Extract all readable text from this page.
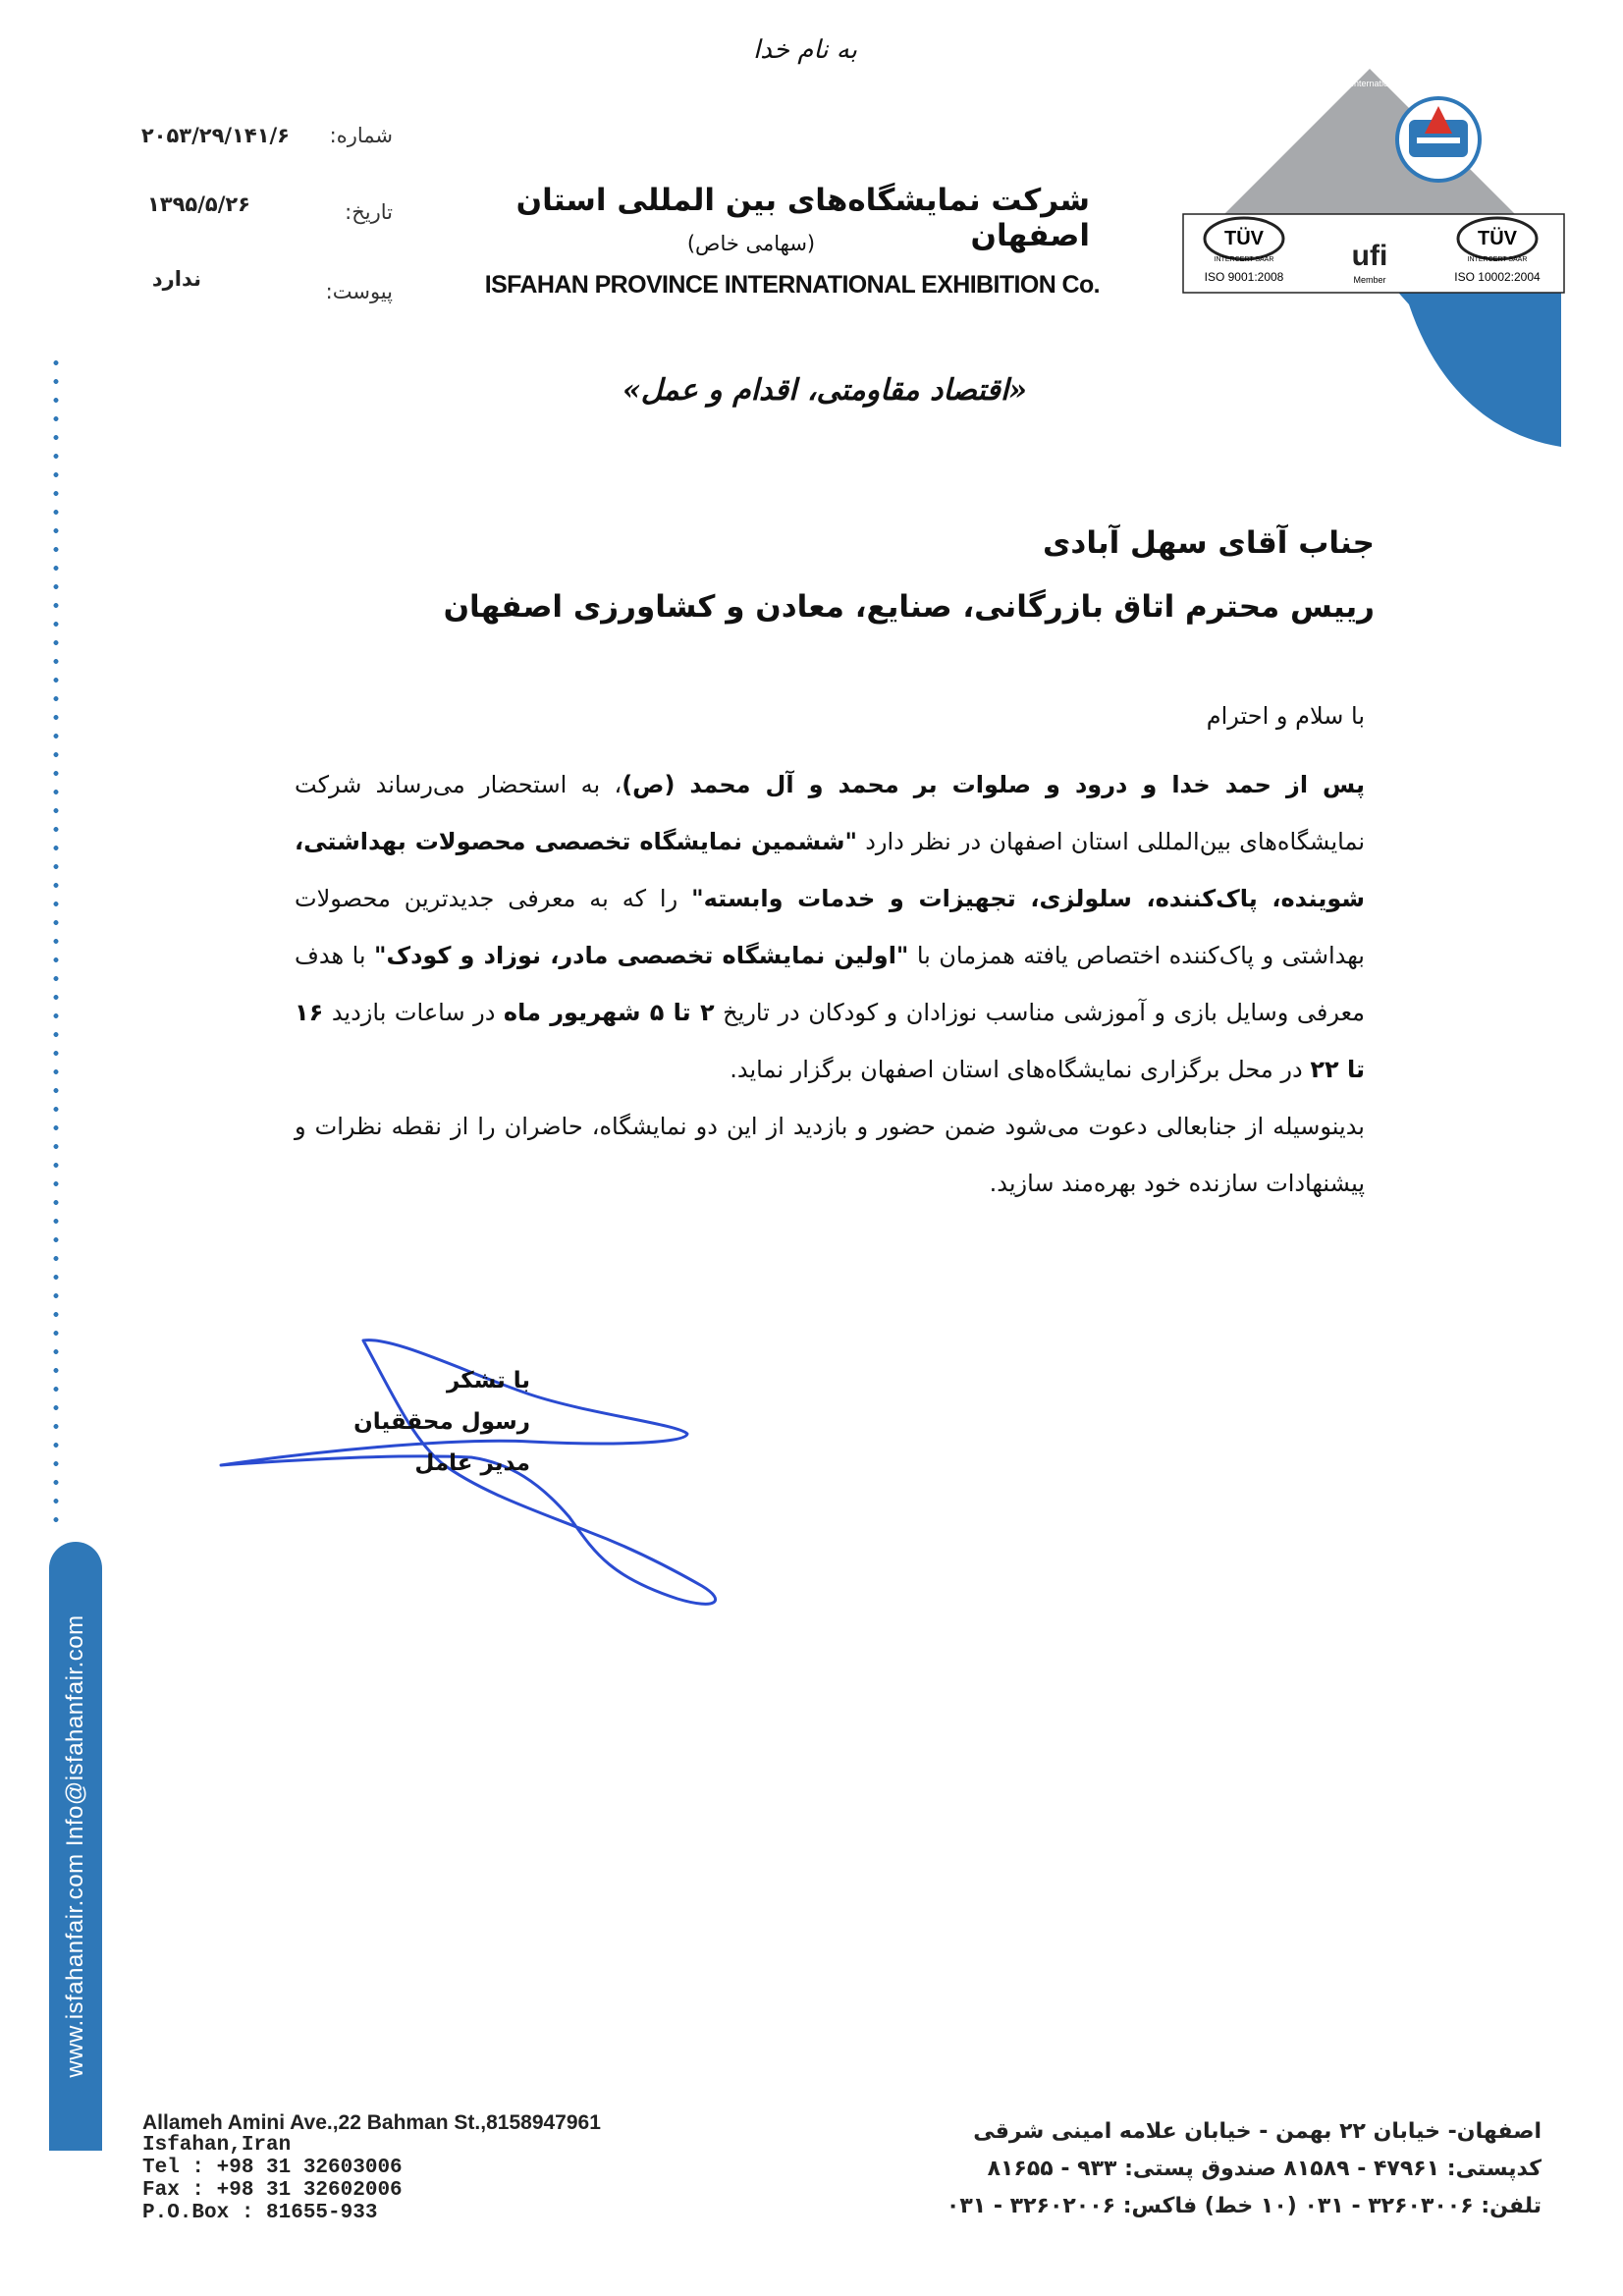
www.isfahanfair.com Info@isfahanfair.com
به نام خدا
شماره:
۲۰۵۳/۲۹/۱۴۱/۶
تاریخ:
۱۳۹۵/۵/۲۶
پیوست:
ندارد
شرکت نمایشگاه‌های بین المللی استان اصفهان
(سهامی خاص)
ISFAHAN PROVINCE INTERNATIONAL EXHIBITION Co.
International Exhibition Co. Isfahan Province
TÜV
INTERCERT SAAR
ISO 9001:2008
ufi
Member
TÜV
INTERCERT SAAR
ISO 10002:2004
«اقتصاد مقاومتی، اقدام و عمل»
جناب آقای سهل آبادی
رییس محترم اتاق بازرگانی، صنایع، معادن و کشاورزی اصفهان
با سلام و احترام

پس از حمد خدا و درود و صلوات بر محمد و آل محمد (ص)، به استحضار می‌رساند شرکت نمایشگاه‌های بین‌المللی استان اصفهان در نظر دارد "ششمین نمایشگاه تخصصی محصولات بهداشتی، شوینده، پاک‌کننده، سلولزی، تجهیزات و خدمات وابسته" را که به معرفی جدیدترین محصولات بهداشتی و پاک‌کننده اختصاص یافته همزمان با "اولین نمایشگاه تخصصی مادر، نوزاد و کودک" با هدف معرفی وسایل بازی و آموزشی مناسب نوزادان و کودکان در تاریخ ۲ تا ۵ شهریور ماه در ساعات بازدید ۱۶ تا ۲۲ در محل برگزاری نمایشگاه‌های استان اصفهان برگزار نماید.

بدینوسیله از جنابعالی دعوت می‌شود ضمن حضور و بازدید از این دو نمایشگاه، حاضران را از نقطه نظرات و پیشنهادات سازنده خود بهره‌مند سازید.

با تشکر
رسول محققیان
مدیر عامل
Allameh Amini Ave.,22 Bahman St.,8158947961
Isfahan,Iran
Tel : +98 31 32603006
Fax : +98 31 32602006
P.O.Box : 81655-933
اصفهان- خیابان ۲۲ بهمن - خیابان علامه امینی شرقی
کدپستی: ۴۷۹۶۱ - ۸۱۵۸۹ صندوق پستی: ۹۳۳ - ۸۱۶۵۵
تلفن: ۳۲۶۰۳۰۰۶ - ۰۳۱ (۱۰ خط) فاکس: ۳۲۶۰۲۰۰۶ - ۰۳۱
